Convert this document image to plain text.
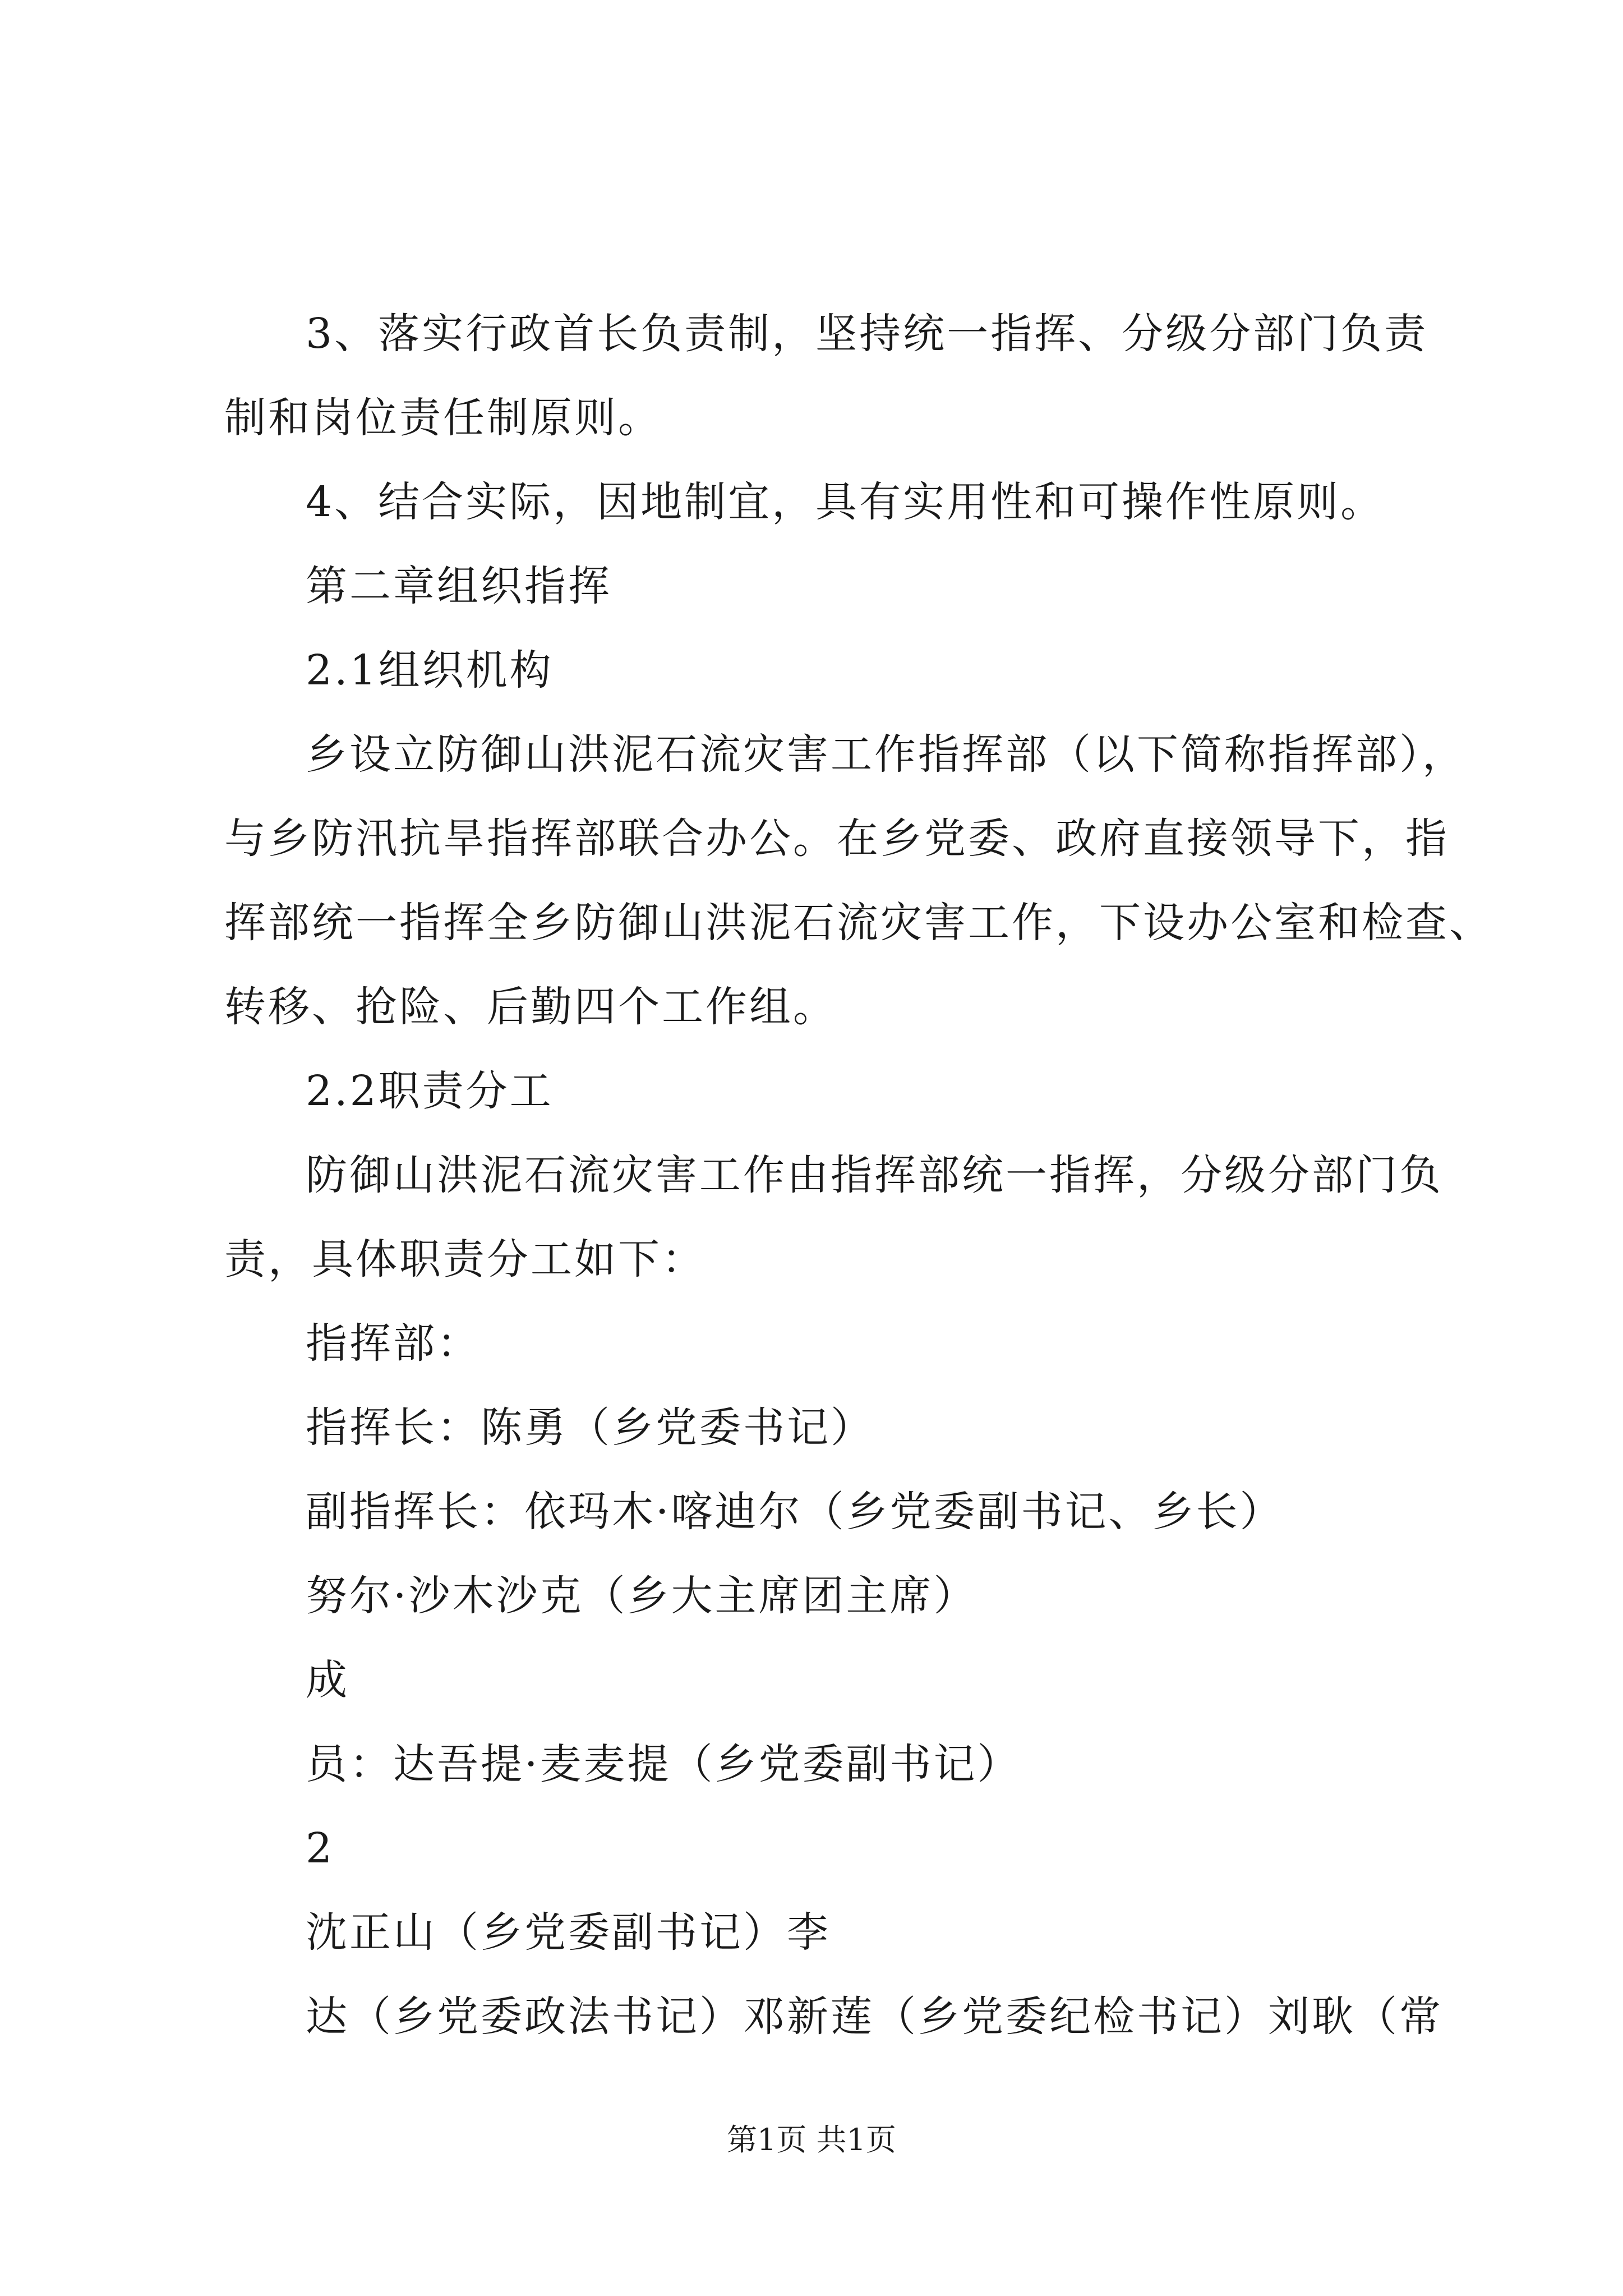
3、落实行政首长负责制，坚持统一指挥、分级分部门负责
制和岗位责任制原则。
4、结合实际，因地制宜，具有实用性和可操作性原则。
第二章组织指挥
2.1组织机构
乡设立防御山洪泥石流灾害工作指挥部（以下简称指挥部），
与乡防汛抗旱指挥部联合办公。在乡党委、政府直接领导下，指
挥部统一指挥全乡防御山洪泥石流灾害工作，下设办公室和检查、
转移、抢险、后勤四个工作组。
2.2职责分工
防御山洪泥石流灾害工作由指挥部统一指挥，分级分部门负
责，具体职责分工如下：
指挥部：
指挥长：陈勇（乡党委书记）
副指挥长：依玛木·喀迪尔（乡党委副书记、乡长）
努尔·沙木沙克（乡大主席团主席）
成
员：达吾提·麦麦提（乡党委副书记）
2
沈正山（乡党委副书记）李
达（乡党委政法书记）邓新莲（乡党委纪检书记）刘耿（常
第1页 共1页
